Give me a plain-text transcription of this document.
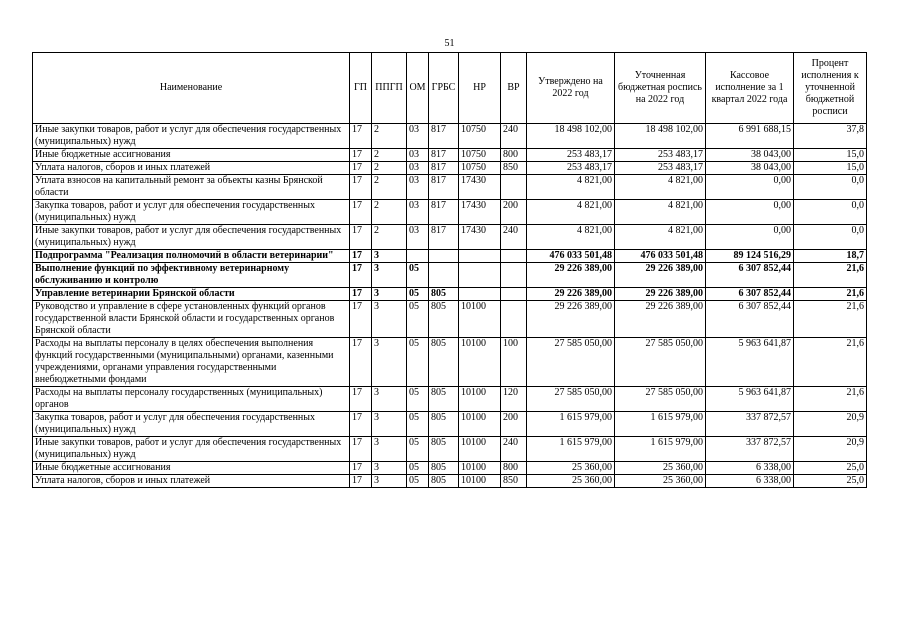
51
Наименование	ГП	ППГП	ОМ	ГРБС	НР	ВР	Утверждено на 2022 год	Уточненная бюджетная роспись на 2022 год	Кассовое исполнение за 1 квартал 2022 года	Процент исполнения к уточненной бюджетной росписи
Иные закупки товаров, работ и услуг для обеспечения государственных (муниципальных) нужд	17	2	03	817	10750	240	18 498 102,00	18 498 102,00	6 991 688,15	37,8
Иные бюджетные ассигнования	17	2	03	817	10750	800	253 483,17	253 483,17	38 043,00	15,0
Уплата налогов, сборов и иных платежей	17	2	03	817	10750	850	253 483,17	253 483,17	38 043,00	15,0
Уплата взносов на капитальный ремонт за объекты казны Брянской области	17	2	03	817	17430		4 821,00	4 821,00	0,00	0,0
Закупка товаров, работ и услуг для обеспечения государственных (муниципальных) нужд	17	2	03	817	17430	200	4 821,00	4 821,00	0,00	0,0
Иные закупки товаров, работ и услуг для обеспечения государственных (муниципальных) нужд	17	2	03	817	17430	240	4 821,00	4 821,00	0,00	0,0
Подпрограмма "Реализация полномочий в области ветеринарии"	17	3					476 033 501,48	476 033 501,48	89 124 516,29	18,7
Выполнение функций по эффективному ветеринарному обслуживанию и контролю	17	3	05				29 226 389,00	29 226 389,00	6 307 852,44	21,6
Управление ветеринарии Брянской области	17	3	05	805			29 226 389,00	29 226 389,00	6 307 852,44	21,6
Руководство и управление в сфере установленных функций органов государственной власти Брянской области и государственных органов Брянской области	17	3	05	805	10100		29 226 389,00	29 226 389,00	6 307 852,44	21,6
Расходы на выплаты персоналу в целях обеспечения выполнения функций государственными (муниципальными) органами, казенными учреждениями, органами управления государственными внебюджетными фондами	17	3	05	805	10100	100	27 585 050,00	27 585 050,00	5 963 641,87	21,6
Расходы на выплаты персоналу государственных (муниципальных) органов	17	3	05	805	10100	120	27 585 050,00	27 585 050,00	5 963 641,87	21,6
Закупка товаров, работ и услуг для обеспечения государственных (муниципальных) нужд	17	3	05	805	10100	200	1 615 979,00	1 615 979,00	337 872,57	20,9
Иные закупки товаров, работ и услуг для обеспечения государственных (муниципальных) нужд	17	3	05	805	10100	240	1 615 979,00	1 615 979,00	337 872,57	20,9
Иные бюджетные ассигнования	17	3	05	805	10100	800	25 360,00	25 360,00	6 338,00	25,0
Уплата налогов, сборов и иных платежей	17	3	05	805	10100	850	25 360,00	25 360,00	6 338,00	25,0
